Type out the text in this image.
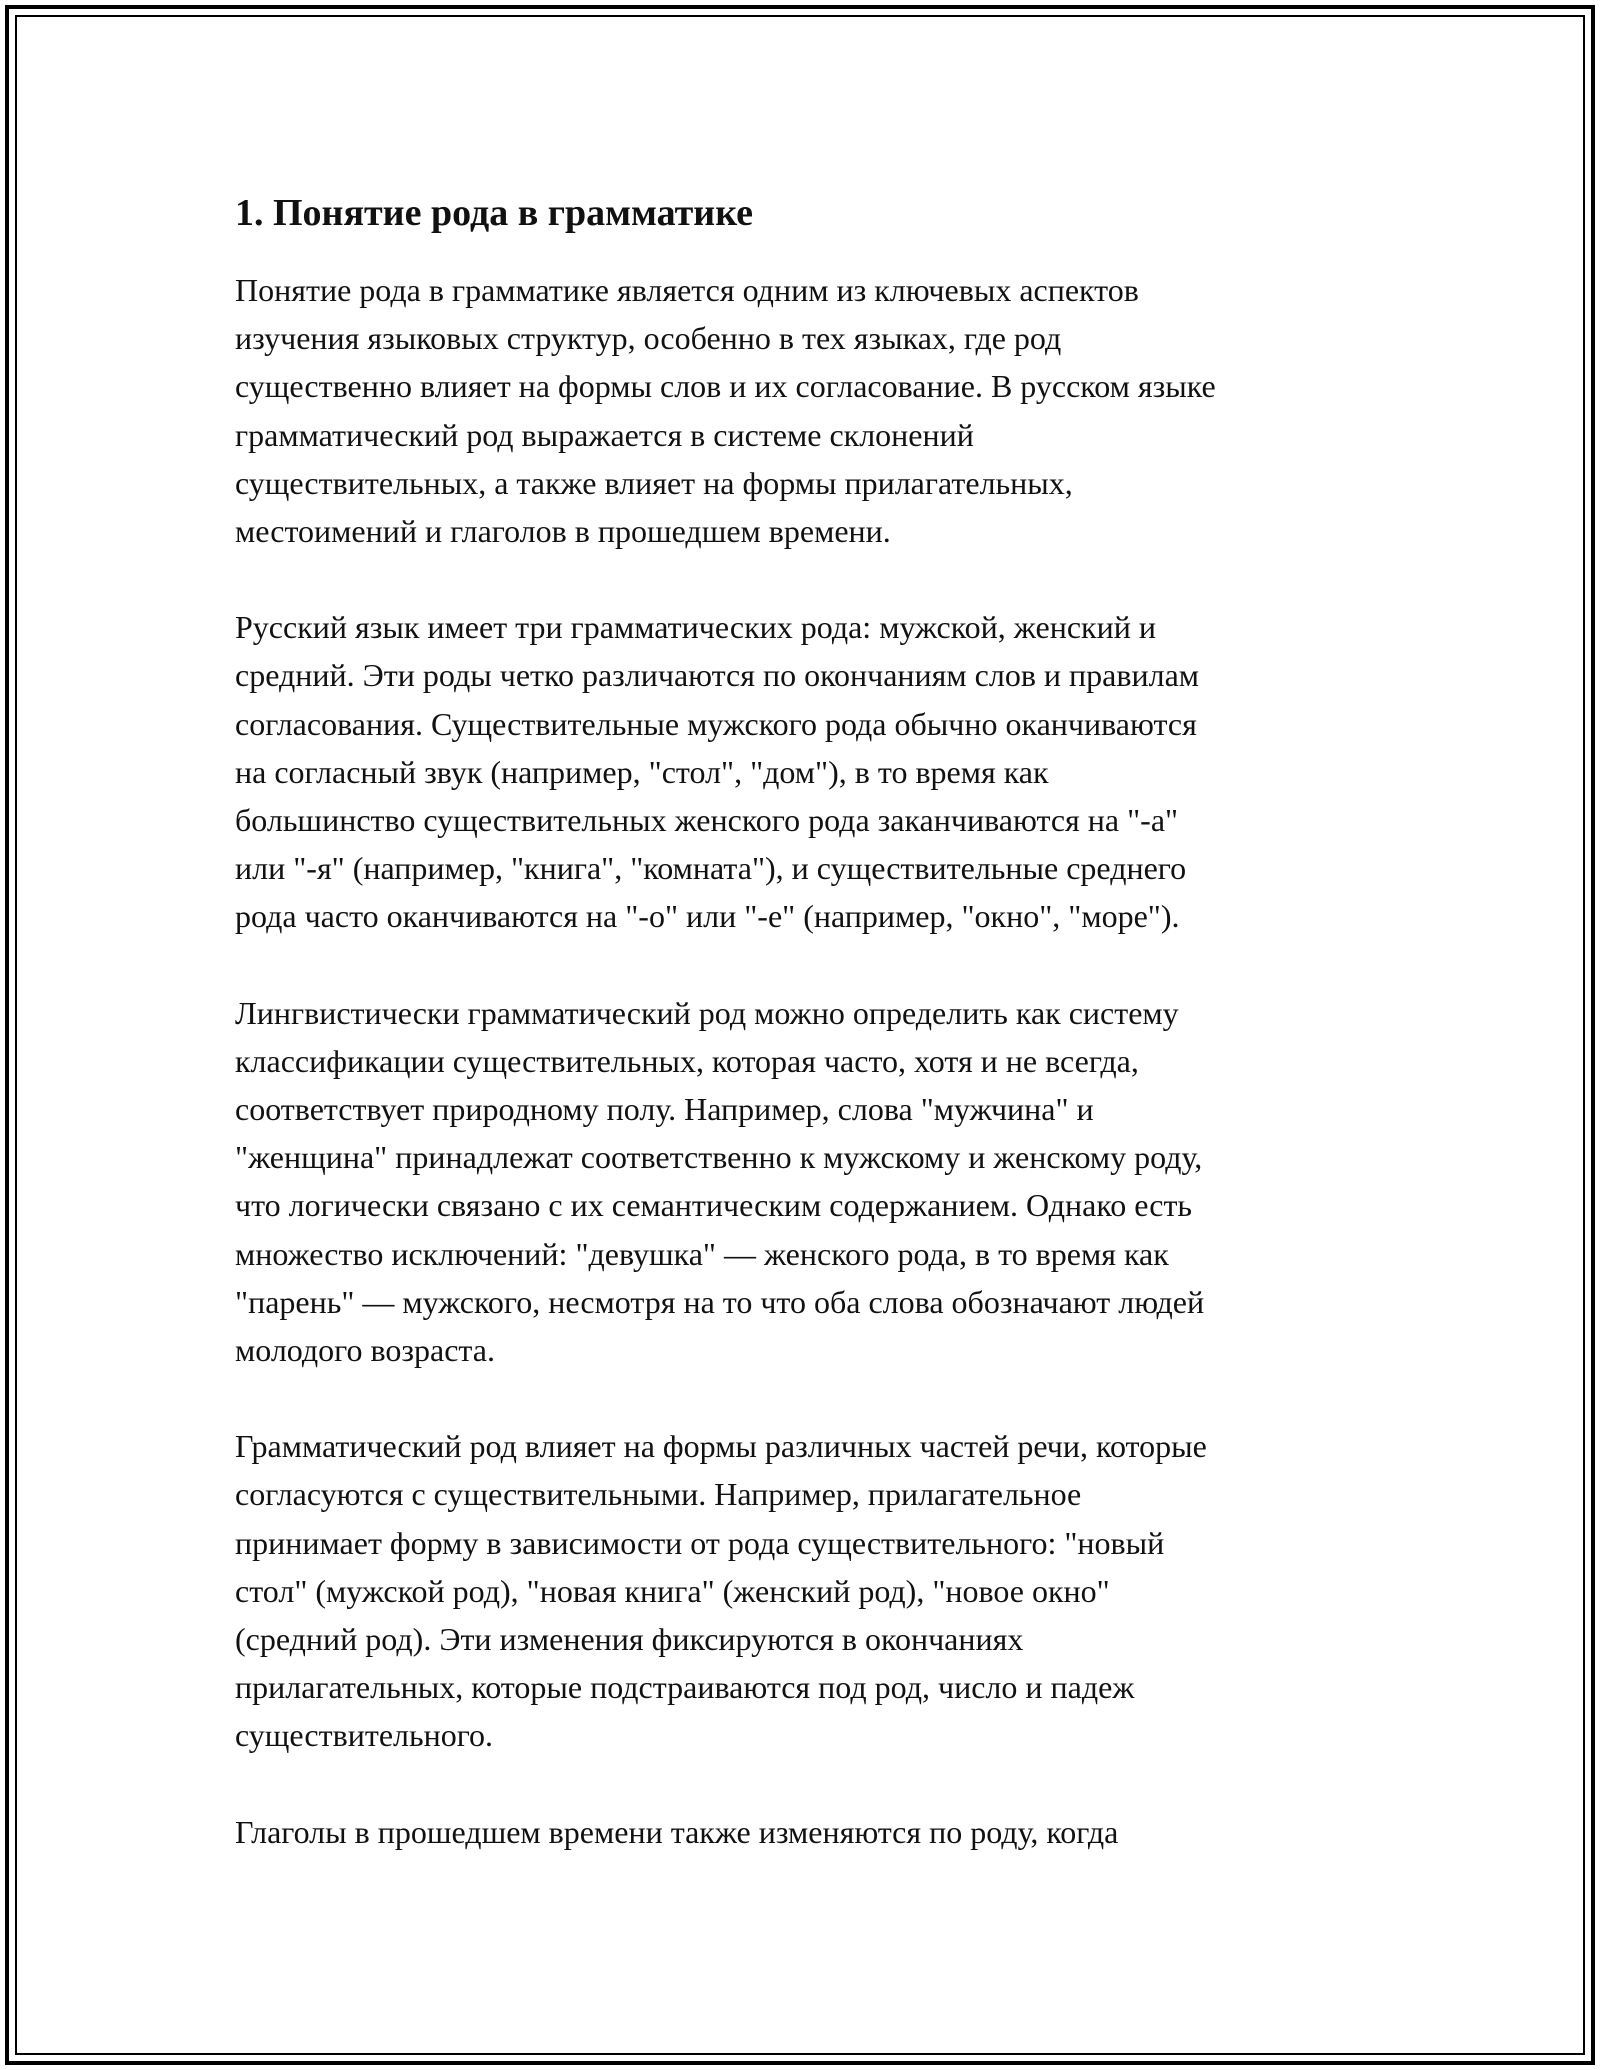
1. Понятие рода в грамматике

Понятие рода в грамматике является одним из ключевых аспектов
изучения языковых структур, особенно в тех языках, где род
существенно влияет на формы слов и их согласование. В русском языке
грамматический род выражается в системе склонений
существительных, а также влияет на формы прилагательных,
местоимений и глаголов в прошедшем времени.

Русский язык имеет три грамматических рода: мужской, женский и
средний. Эти роды четко различаются по окончаниям слов и правилам
согласования. Существительные мужского рода обычно оканчиваются
на согласный звук (например, "стол", "дом"), в то время как
большинство существительных женского рода заканчиваются на "-а"
или "-я" (например, "книга", "комната"), и существительные среднего
рода часто оканчиваются на "-о" или "-е" (например, "окно", "море").

Лингвистически грамматический род можно определить как систему
классификации существительных, которая часто, хотя и не всегда,
соответствует природному полу. Например, слова "мужчина" и
"женщина" принадлежат соответственно к мужскому и женскому роду,
что логически связано с их семантическим содержанием. Однако есть
множество исключений: "девушка" — женского рода, в то время как
"парень" — мужского, несмотря на то что оба слова обозначают людей
молодого возраста.

Грамматический род влияет на формы различных частей речи, которые
согласуются с существительными. Например, прилагательное
принимает форму в зависимости от рода существительного: "новый
стол" (мужской род), "новая книга" (женский род), "новое окно"
(средний род). Эти изменения фиксируются в окончаниях
прилагательных, которые подстраиваются под род, число и падеж
существительного.

Глаголы в прошедшем времени также изменяются по роду, когда
